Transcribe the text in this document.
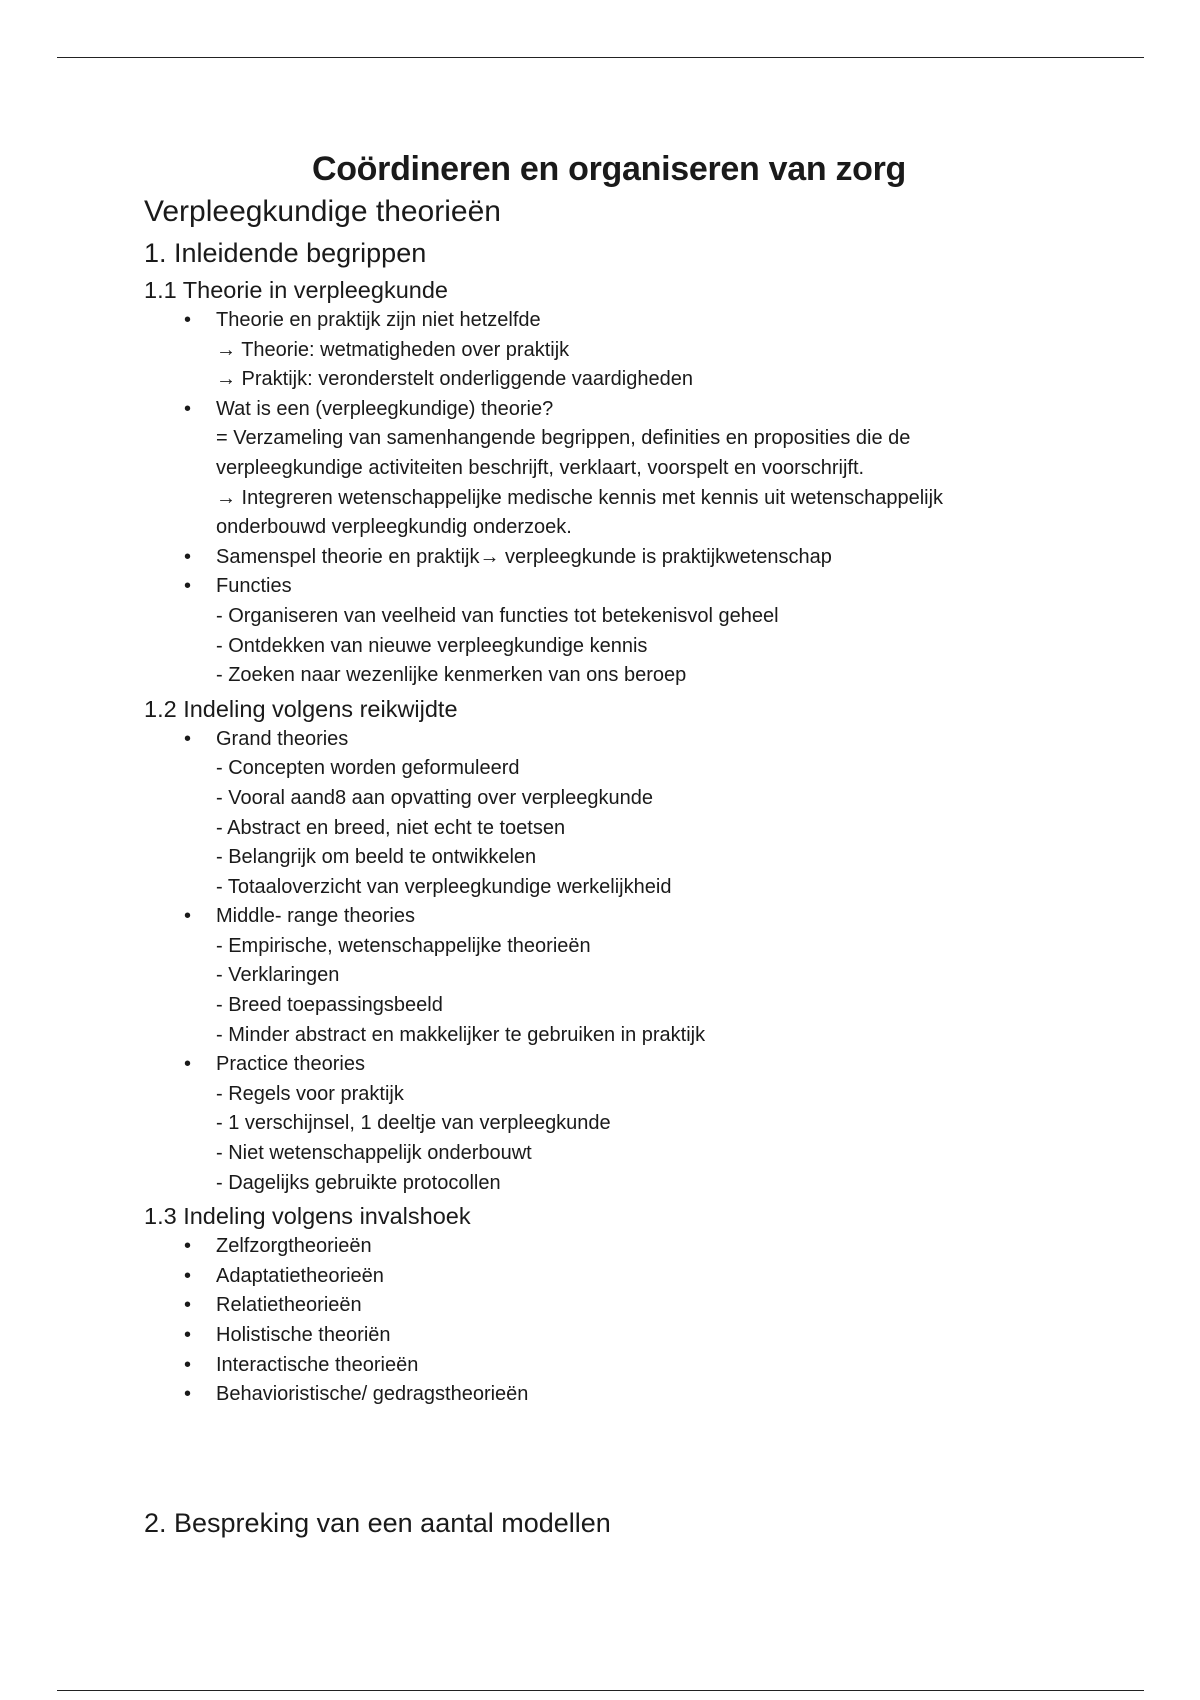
Coördineren en organiseren van zorg
Verpleegkundige theorieën
1. Inleidende begrippen
1.1 Theorie in verpleegkunde
• Theorie en praktijk zijn niet hetzelfde
→ Theorie: wetmatigheden over praktijk
→ Praktijk: veronderstelt onderliggende vaardigheden
• Wat is een (verpleegkundige) theorie?
= Verzameling van samenhangende begrippen, definities en proposities die de
verpleegkundige activiteiten beschrijft, verklaart, voorspelt en voorschrijft.
→ Integreren wetenschappelijke medische kennis met kennis uit wetenschappelijk
onderbouwd verpleegkundig onderzoek.
• Samenspel theorie en praktijk→ verpleegkunde is praktijkwetenschap
• Functies
- Organiseren van veelheid van functies tot betekenisvol geheel
- Ontdekken van nieuwe verpleegkundige kennis
- Zoeken naar wezenlijke kenmerken van ons beroep
1.2 Indeling volgens reikwijdte
• Grand theories
- Concepten worden geformuleerd
- Vooral aand8 aan opvatting over verpleegkunde
- Abstract en breed, niet echt te toetsen
- Belangrijk om beeld te ontwikkelen
- Totaaloverzicht van verpleegkundige werkelijkheid
• Middle- range theories
- Empirische, wetenschappelijke theorieën
- Verklaringen
- Breed toepassingsbeeld
- Minder abstract en makkelijker te gebruiken in praktijk
• Practice theories
- Regels voor praktijk
- 1 verschijnsel, 1 deeltje van verpleegkunde
- Niet wetenschappelijk onderbouwt
- Dagelijks gebruikte protocollen
1.3 Indeling volgens invalshoek
• Zelfzorgtheorieën
• Adaptatietheorieën
• Relatietheorieën
• Holistische theoriën
• Interactische theorieën
• Behavioristische/ gedragstheorieën
2. Bespreking van een aantal modellen
